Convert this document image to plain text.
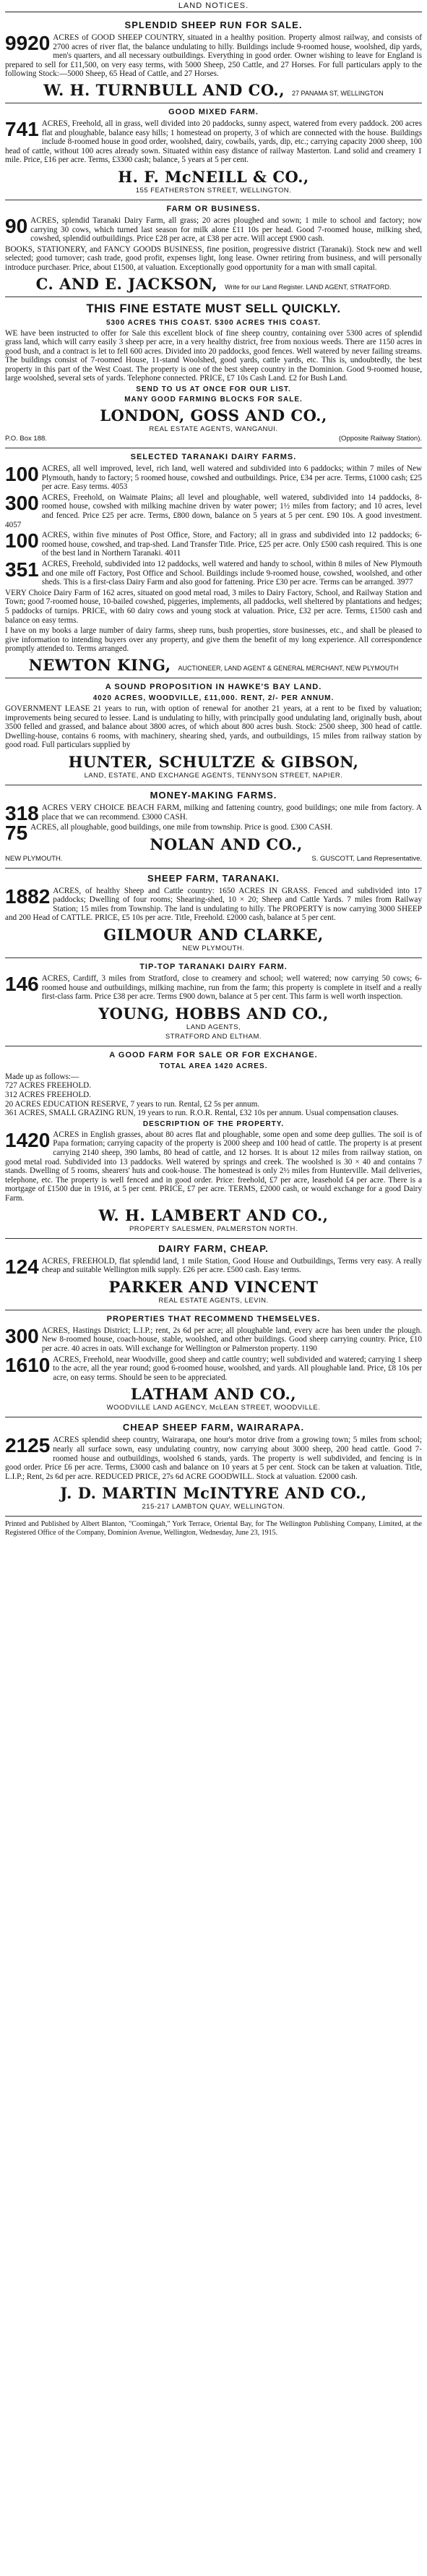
LAND NOTICES.
SPLENDID SHEEP RUN FOR SALE.

9920 ACRES of GOOD SHEEP COUNTRY, situated in a healthy position. Property almost railway, and consists of 2700 acres of river flat, the balance undulating to hilly. Buildings include 9-roomed house, woolshed, dip yards, men's quarters, and all necessary outbuildings. Everything in good order. Owner wishing to leave for England is prepared to sell for £11,500, on very easy terms, with 5000 Sheep, 250 Cattle, and 27 Horses. For full particulars apply to the following Stock:—5000 Sheep, 65 Head of Cattle, and 27 Horses.

W. H. TURNBULL AND CO., 27 PANAMA ST, WELLINGTON
GOOD MIXED FARM.

741 ACRES, Freehold, all in grass, well divided into 20 paddocks, sunny aspect, watered from every paddock. 200 acres flat and ploughable, balance easy hills; 1 homestead on property, 3 of which are connected with the house. Buildings include 8-roomed house in good order, woolshed, dairy, cowbails, yards, dip, etc.; carrying capacity 2000 sheep, 100 head of cattle, without 100 acres already sown. Situated within easy distance of railway Masterton. Land solid and creamery 1 mile. Price, £16 per acre. Terms, £3300 cash; balance, 5 years at 5 per cent.

H. F. McNEILL & CO.,
155 FEATHERSTON STREET, WELLINGTON.
FARM OR BUSINESS.

90 ACRES, splendid Taranaki Dairy Farm, all grass; 20 acres ploughed and sown; 1 mile to school and factory; now carrying 30 cows, which turned last season for milk alone £11 10s per head. Good 7-roomed house, milking shed, cowshed, splendid outbuildings. Price £28 per acre, at £38 per acre. Will accept £900 cash.

BOOKS, STATIONERY, and FANCY GOODS BUSINESS, fine position, progressive district (Taranaki). Stock new and well selected; good turnover; cash trade, good profit, expenses light, long lease. Owner retiring from business, and will personally introduce purchaser. Price, about £1500, at valuation. Exceptionally good opportunity for a man with small capital.

C. AND E. JACKSON, Write for our Land Register. LAND AGENT, STRATFORD.
THIS FINE ESTATE MUST SELL QUICKLY.
5300 ACRES THIS COAST. 5300 ACRES THIS COAST.

WE have been instructed to offer for Sale this excellent block of fine sheep country, containing over 5300 acres of splendid grass land, which will carry easily 3 sheep per acre, in a very healthy district, free from noxious weeds. There are 1150 acres in good bush, and a contract is let to fell 600 acres. Divided into 20 paddocks, good fences. Well watered by never failing streams. The buildings consist of 7-roomed House, 11-stand Woolshed, good yards, cattle yards, etc. This is, undoubtedly, the best property in this part of the West Coast. The property is one of the best sheep country in the Dominion. Good 9-roomed house, large woolshed, several sets of yards. Telephone connected. PRICE, £7 10s Cash Land. £2 for Bush Land.

SEND TO US AT ONCE FOR OUR LIST.
MANY GOOD FARMING BLOCKS FOR SALE.
LONDON, GOSS AND CO.,
REAL ESTATE AGENTS, WANGANUI.
P.O. Box 188.	(Opposite Railway Station).
SELECTED TARANAKI DAIRY FARMS.

100 ACRES, all well improved, level, rich land, well watered and subdivided into 6 paddocks; within 7 miles of New Plymouth, handy to factory; 5 roomed house, cowshed and outbuildings. Price, £34 per acre. Terms, £1000 cash; £25 per acre. Easy terms. 4053

300 ACRES, Freehold, on Waimate Plains; all level and ploughable, well watered, subdivided into 14 paddocks, 8-roomed house, cowshed with milking machine driven by water power; 1½ miles from factory; and 10 acres, level and fenced. Price £25 per acre. Terms, £800 down, balance on 5 years at 5 per cent. £90 10s. A good investment. 4057

100 ACRES, within five minutes of Post Office, Store, and Factory; all in grass and subdivided into 12 paddocks; 6-roomed house, cowshed, and trap-shed. Land Transfer Title. Price, £25 per acre. Only £500 cash required. This is one of the best land in Northern Taranaki. 4011

351 ACRES, Freehold, subdivided into 12 paddocks, well watered and handy to school, within 8 miles of New Plymouth and one mile off Factory, Post Office and School. Buildings include 9-roomed house, cowshed, woolshed, and other sheds. This is a first-class Dairy Farm and also good for fattening. Price £30 per acre. Terms can be arranged. 3977

VERY Choice Dairy Farm of 162 acres, situated on good metal road, 3 miles to Dairy Factory, School, and Railway Station and Town; good 7-roomed house, 10-bailed cowshed, piggeries, implements, all paddocks, well sheltered by plantations and hedges; 5 paddocks of turnips. PRICE, with 60 dairy cows and young stock at valuation. Price, £32 per acre. Terms, £1500 cash and balance on easy terms.

I have on my books a large number of dairy farms, sheep runs, bush properties, store businesses, etc., and shall be pleased to give information to intending buyers over any property, and give them the benefit of my long experience. All correspondence promptly attended to. Terms arranged.

NEWTON KING, AUCTIONEER, LAND AGENT & GENERAL MERCHANT, NEW PLYMOUTH
A SOUND PROPOSITION IN HAWKE'S BAY LAND.
4020 ACRES, WOODVILLE, £11,000. RENT, 2/- PER ANNUM.

GOVERNMENT LEASE 21 years to run, with option of renewal for another 21 years, at a rent to be fixed by valuation; improvements being secured to lessee. Land is undulating to hilly, with principally good undulating land, originally bush, about 3500 felled and grassed, and balance about 3800 acres, of which about 800 acres bush. Stock: 2500 sheep, 300 head of cattle. Dwelling-house, contains 6 rooms, with machinery, shearing shed, yards, and outbuildings, 15 miles from railway station by good road. Full particulars supplied by

HUNTER, SCHULTZE & GIBSON,
LAND, ESTATE, AND EXCHANGE AGENTS, TENNYSON STREET, NAPIER.
MONEY-MAKING FARMS.

318 ACRES VERY CHOICE BEACH FARM, milking and fattening country, good buildings; one mile from factory. A place that we can recommend. £3000 CASH.

75 ACRES, all ploughable, good buildings, one mile from township. Price is good. £300 CASH.

NOLAN AND CO.,
NEW PLYMOUTH.	S. GUSCOTT, Land Representative.
SHEEP FARM, TARANAKI.

1882 ACRES, of healthy Sheep and Cattle country: 1650 ACRES IN GRASS. Fenced and subdivided into 17 paddocks; Dwelling of four rooms; Shearing-shed, 10 × 20; Sheep and Cattle Yards. 7 miles from Railway Station; 15 miles from Township. The land is undulating to hilly. The PROPERTY is now carrying 3000 SHEEP and 200 Head of CATTLE. PRICE, £5 10s per acre. Title, Freehold. £2000 cash, balance at 5 per cent.

GILMOUR AND CLARKE,
NEW PLYMOUTH.
TIP-TOP TARANAKI DAIRY FARM.

146 ACRES, Cardiff, 3 miles from Stratford, close to creamery and school; well watered; now carrying 50 cows; 6-roomed house and outbuildings, milking machine, run from the farm; this property is complete in itself and a really first-class farm. Price £38 per acre. Terms £900 down, balance at 5 per cent. This farm is well worth inspection.

YOUNG, HOBBS AND CO.,
LAND AGENTS,
STRATFORD AND ELTHAM.
A GOOD FARM FOR SALE OR FOR EXCHANGE.
TOTAL AREA 1420 ACRES.

Made up as follows:—
727 ACRES FREEHOLD.
312 ACRES FREEHOLD.
20 ACRES EDUCATION RESERVE, 7 years to run. Rental, £2 5s per annum.
361 ACRES, SMALL GRAZING RUN, 19 years to run. R.O.R. Rental, £32 10s per annum. Usual compensation clauses.

DESCRIPTION OF THE PROPERTY.

1420 ACRES in English grasses, about 80 acres flat and ploughable, some open and some deep gullies. The soil is of Papa formation; carrying capacity of the property is 2000 sheep and 100 head of cattle. The property is at present carrying 2140 sheep, 390 lambs, 80 head of cattle, and 12 horses. It is about 12 miles from railway station, on good metal road. Subdivided into 13 paddocks. Well watered by springs and creek. The woolshed is 30 × 40 and contains 7 stands. Dwelling of 5 rooms, shearers' huts and cook-house. The homestead is only 2½ miles from Hunterville. Mail deliveries, telephone, etc. The property is well fenced and in good order. Price: freehold, £7 per acre, leasehold £4 per acre. There is a mortgage of £1500 due in 1916, at 5 per cent. PRICE, £7 per acre. TERMS, £2000 cash, or would exchange for a good Dairy Farm.

W. H. LAMBERT AND CO.,
PROPERTY SALESMEN, PALMERSTON NORTH.
DAIRY FARM, CHEAP.

124 ACRES, FREEHOLD, flat splendid land, 1 mile Station, Good House and Outbuildings, Terms very easy. A really cheap and suitable Wellington milk supply. £26 per acre. £500 cash. Easy terms.

PARKER AND VINCENT
REAL ESTATE AGENTS, LEVIN.
PROPERTIES THAT RECOMMEND THEMSELVES.

300 ACRES, Hastings District; L.I.P.; rent, 2s 6d per acre; all ploughable land, every acre has been under the plough. New 8-roomed house, coach-house, stable, woolshed, and other buildings. Good sheep carrying country. Price, £10 per acre. 40 acres in oats. Will exchange for Wellington or Palmerston property. 1190

1610 ACRES, Freehold, near Woodville, good sheep and cattle country; well subdivided and watered; carrying 1 sheep to the acre, all the year round; good 6-roomed house, woolshed, and yards. All ploughable land. Price, £8 10s per acre, on easy terms. Should be seen to be appreciated.

LATHAM AND CO.,
WOODVILLE LAND AGENCY, McLEAN STREET, WOODVILLE.
CHEAP SHEEP FARM, WAIRARAPA.

2125 ACRES splendid sheep country, Wairarapa, one hour's motor drive from a growing town; 5 miles from school; nearly all surface sown, easy undulating country, now carrying about 3000 sheep, 200 head cattle. Good 7-roomed house and outbuildings, woolshed 6 stands, yards. The property is well subdivided, and fencing is in good order. Price £6 per acre. Terms, £3000 cash and balance on 10 years at 5 per cent. Stock can be taken at valuation. Title, L.I.P.; Rent, 2s 6d per acre. REDUCED PRICE, 27s 6d ACRE GOODWILL. Stock at valuation. £2000 cash.

J. D. MARTIN McINTYRE AND CO.,
215-217 LAMBTON QUAY, WELLINGTON.
Printed and Published by Albert Blanton, "Coomingah," York Terrace, Oriental Bay, for The Wellington Publishing Company, Limited, at the Registered Office of the Company, Dominion Avenue, Wellington, Wednesday, June 23, 1915.
